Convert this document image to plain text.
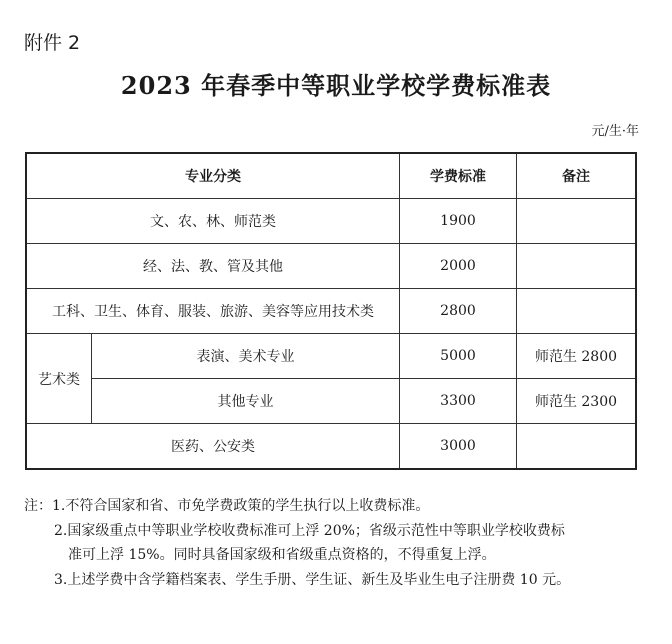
附件 2
2023 年春季中等职业学校学费标准表
元/生·年
专业分类		学费标准	备注
文、农、林、师范类		1900	
经、法、教、管及其他		2000	
工科、卫生、体育、服装、旅游、美容等应用技术类		2800	
艺术类	表演、美术专业	5000	师范生 2800
	其他专业	3300	师范生 2300
医药、公安类		3000	
注：1.不符合国家和省、市免学费政策的学生执行以上收费标准。
2.国家级重点中等职业学校收费标准可上浮 20%；省级示范性中等职业学校收费标
准可上浮 15%。同时具备国家级和省级重点资格的，不得重复上浮。
3.上述学费中含学籍档案表、学生手册、学生证、新生及毕业生电子注册费 10 元。
